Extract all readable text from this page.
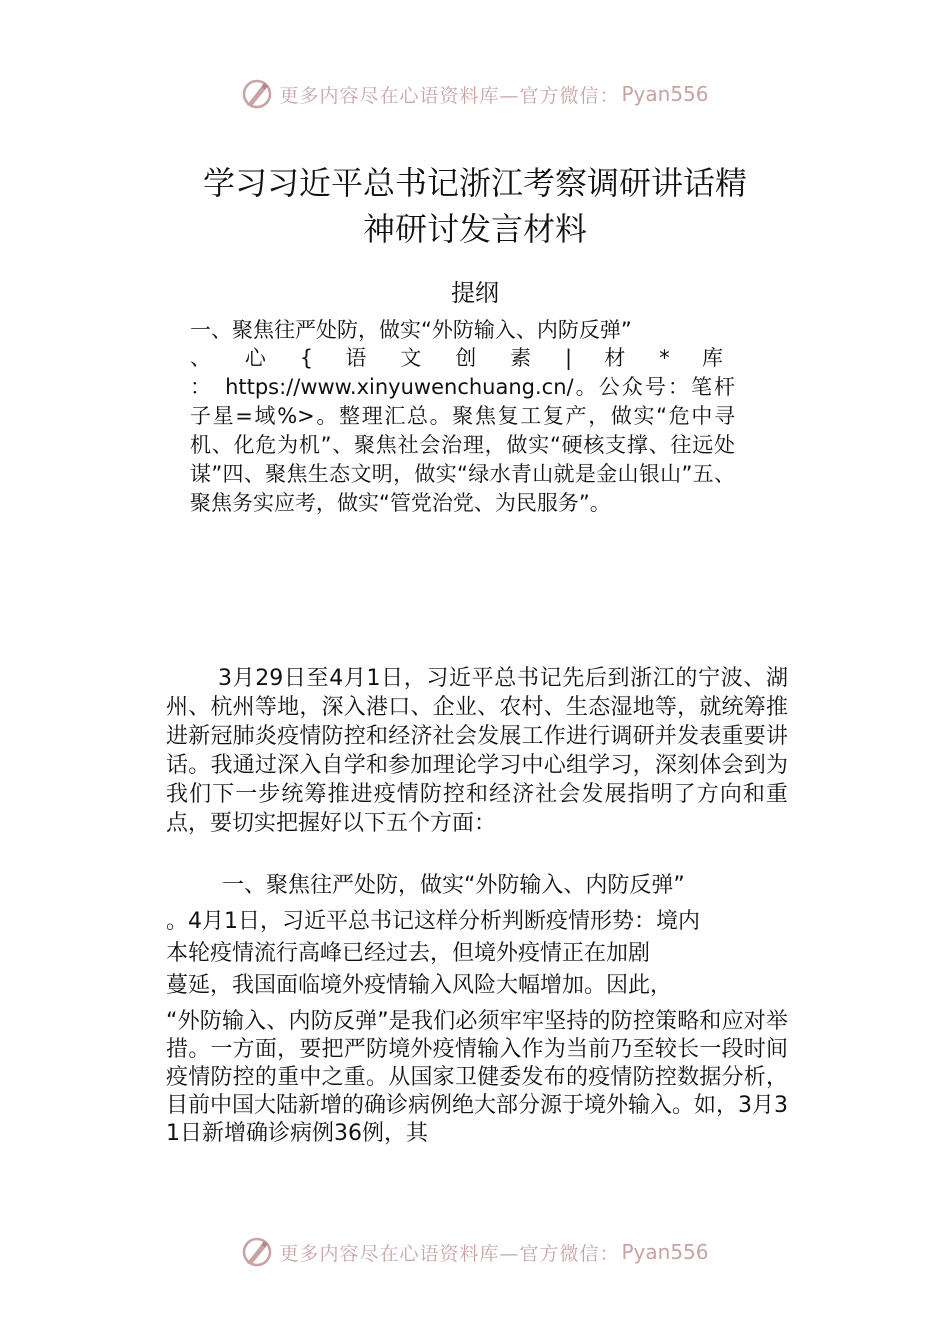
更多内容尽在心语资料库—官方微信： Pyan556
学习习近平总书记浙江考察调研讲话精
神研讨发言材料
提纲
一、聚焦往严处防，做实“外防输入、内防反弹”
、 心 { 语 文 创 素 | 材 * 库 ：https://www.xinyuwenchuang.cn/。公众号：笔杆子星=域%>。整理汇总。聚焦复工复产，做实“危中寻机、化危为机”、聚焦社会治理，做实“硬核支撑、往远处谋”四、聚焦生态文明，做实“绿水青山就是金山银山”五、聚焦务实应考，做实“管党治党、为民服务”。
3月29日至4月1日，习近平总书记先后到浙江的宁波、湖州、杭州等地，深入港口、企业、农村、生态湿地等，就统筹推进新冠肺炎疫情防控和经济社会发展工作进行调研并发表重要讲话。我通过深入自学和参加理论学习中心组学习，深刻体会到为我们下一步统筹推进疫情防控和经济社会发展指明了方向和重点，要切实把握好以下五个方面：
一、聚焦往严处防，做实“外防输入、内防反弹”
。4月1日，习近平总书记这样分析判断疫情形势：境内
本轮疫情流行高峰已经过去，但境外疫情正在加剧
蔓延，我国面临境外疫情输入风险大幅增加。因此，
“外防输入、内防反弹”是我们必须牢牢坚持的防控策略和应对举措。一方面，要把严防境外疫情输入作为当前乃至较长一段时间疫情防控的重中之重。从国家卫健委发布的疫情防控数据分析，目前中国大陆新增的确诊病例绝大部分源于境外输入。如，3月31日新增确诊病例36例，其
更多内容尽在心语资料库—官方微信： Pyan556
